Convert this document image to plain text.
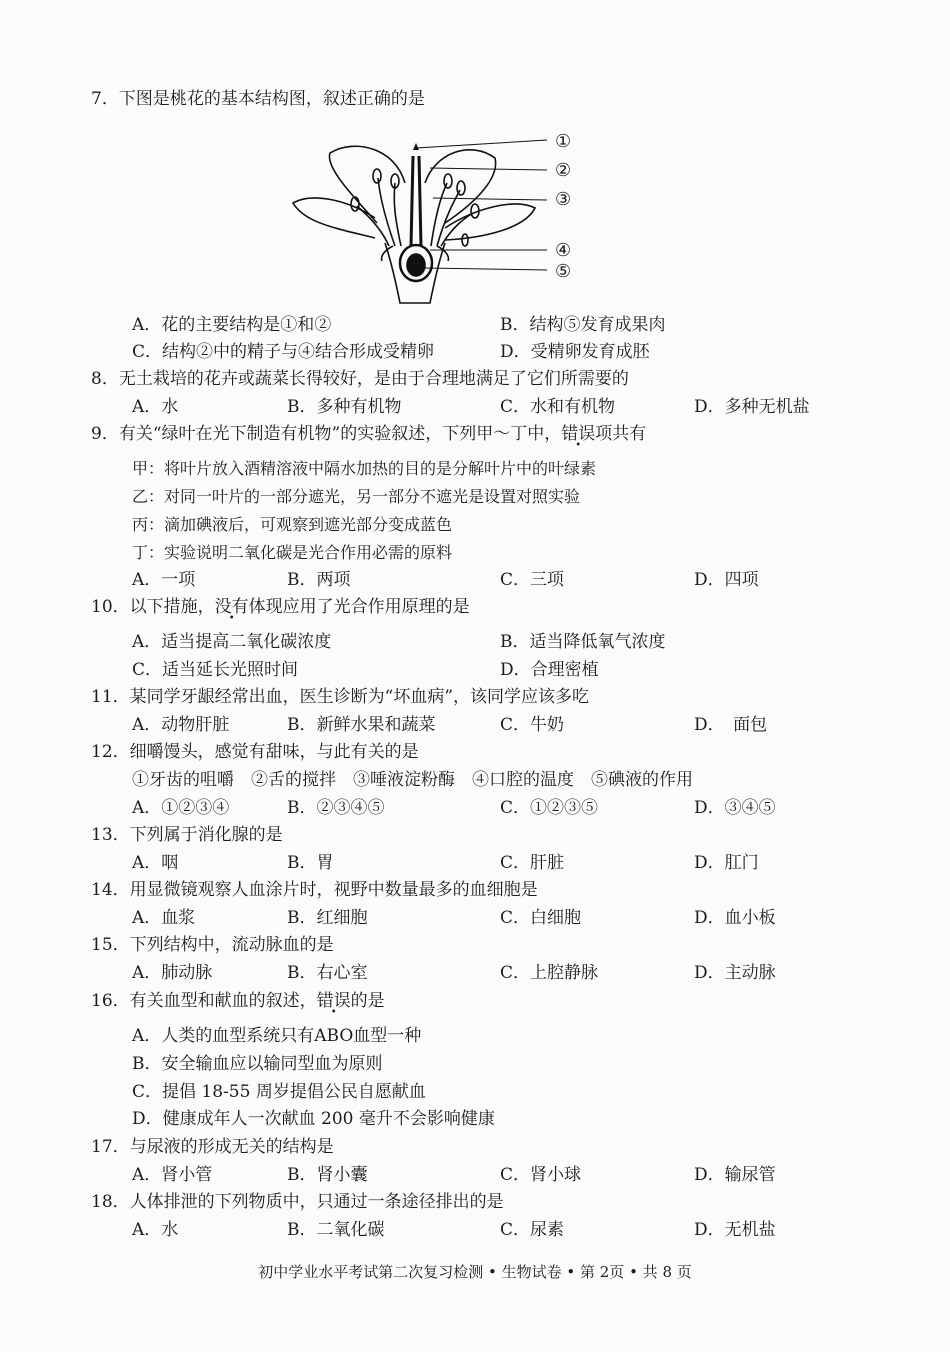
7．下图是桃花的基本结构图，叙述正确的是
①
②
③
④
⑤
A．花的主要结构是①和②	B．结构⑤发育成果肉
C．结构②中的精子与④结合形成受精卵	D．受精卵发育成胚
8．无土栽培的花卉或蔬菜长得较好，是由于合理地满足了它们所需要的
A．水	B．多种有机物	C．水和有机物	D．多种无机盐
9．有关“绿叶在光下制造有机物”的实验叙述，下列甲～丁中，错误项共有
甲：将叶片放入酒精溶液中隔水加热的目的是分解叶片中的叶绿素
乙：对同一叶片的一部分遮光，另一部分不遮光是设置对照实验
丙：滴加碘液后，可观察到遮光部分变成蓝色
丁：实验说明二氧化碳是光合作用必需的原料
A．一项	B．两项	C．三项	D．四项
10．以下措施，没有体现应用了光合作用原理的是
A．适当提高二氧化碳浓度	B．适当降低氧气浓度
C．适当延长光照时间	D．合理密植
11．某同学牙龈经常出血，医生诊断为“坏血病”，该同学应该多吃
A．动物肝脏	B．新鲜水果和蔬菜	C．牛奶	D．　面包
12．细嚼馒头，感觉有甜味，与此有关的是
①牙齿的咀嚼　②舌的搅拌　③唾液淀粉酶　④口腔的温度　⑤碘液的作用
A．①②③④	B．②③④⑤	C．①②③⑤	D．③④⑤
13．下列属于消化腺的是
A．咽	B．胃	C．肝脏	D．肛门
14．用显微镜观察人血涂片时，视野中数量最多的血细胞是
A．血浆	B．红细胞	C．白细胞	D．血小板
15．下列结构中，流动脉血的是
A．肺动脉	B．右心室	C．上腔静脉	D．主动脉
16．有关血型和献血的叙述，错误的是
A．人类的血型系统只有ABO血型一种
B．安全输血应以输同型血为原则
C．提倡 18-55 周岁提倡公民自愿献血
D．健康成年人一次献血 200 毫升不会影响健康
17．与尿液的形成无关的结构是
A．肾小管	B．肾小囊	C．肾小球	D．输尿管
18．人体排泄的下列物质中，只通过一条途径排出的是
A．水	B．二氧化碳	C．尿素	D．无机盐
初中学业水平考试第二次复习检测 • 生物试卷 • 第 2页 • 共 8 页
